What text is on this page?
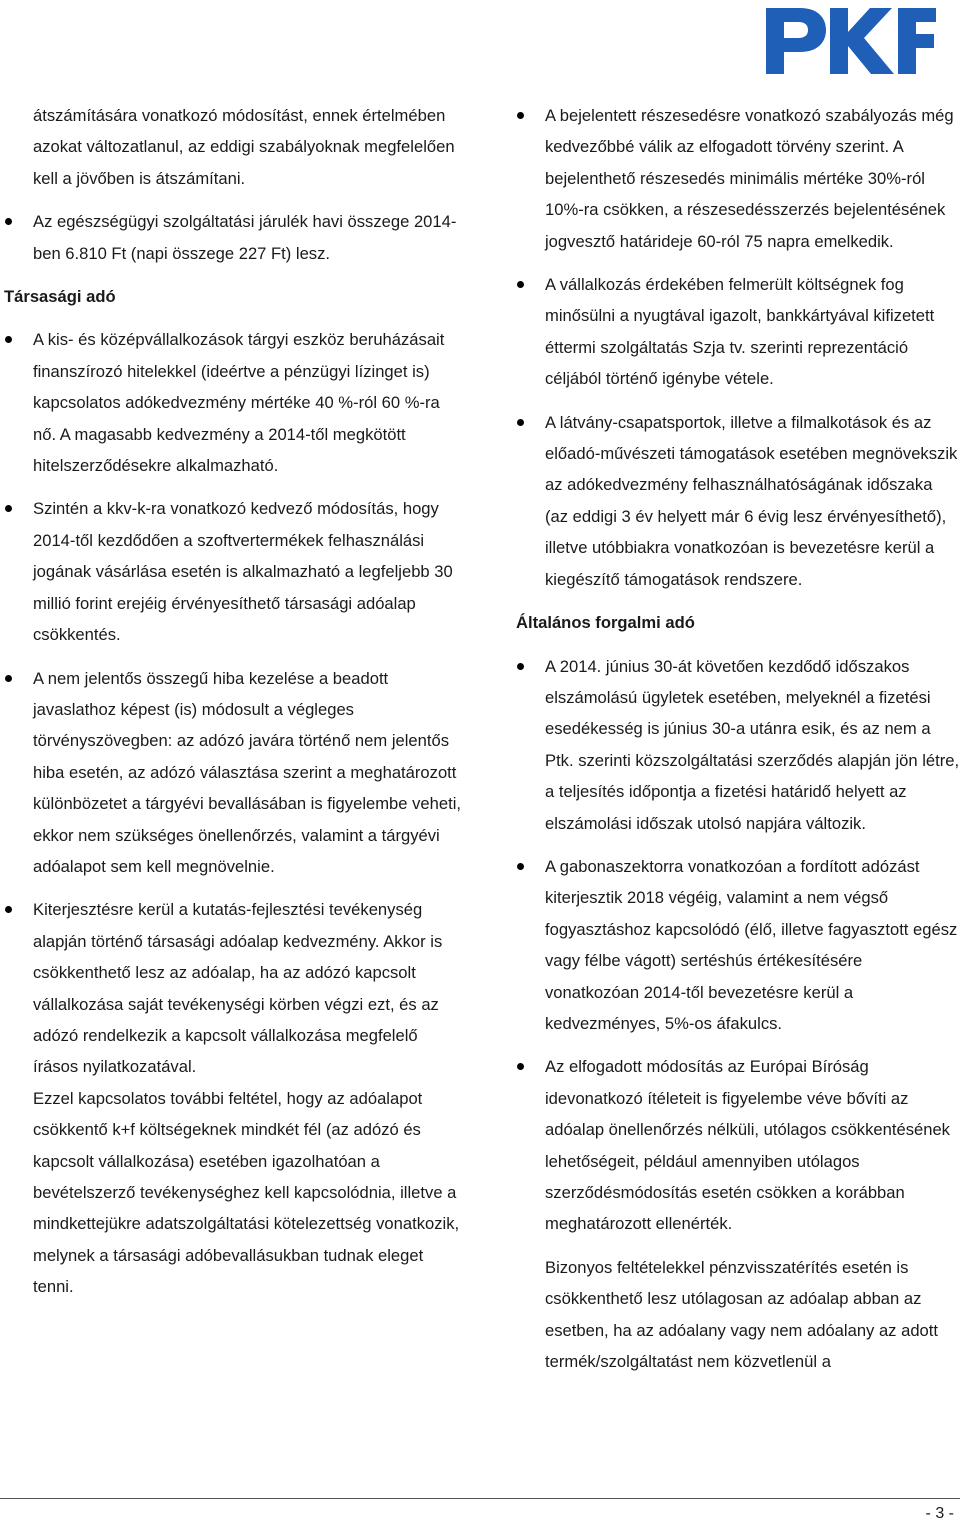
átszámítására vonatkozó módosítást, ennek értelmében azokat változatlanul, az eddigi szabályoknak megfelelően kell a jövőben is átszámítani.
Az egészségügyi szolgáltatási járulék havi összege 2014-ben 6.810 Ft (napi összege 227 Ft) lesz.
Társasági adó
A kis- és középvállalkozások tárgyi eszköz beruházásait finanszírozó hitelekkel (ideértve a pénzügyi lízinget is) kapcsolatos adókedvezmény mértéke 40 %-ról 60 %-ra nő. A magasabb kedvezmény a 2014-től megkötött hitelszerződésekre alkalmazható.
Szintén a kkv-k-ra vonatkozó kedvező módosítás, hogy 2014-től kezdődően a szoftvertermékek felhasználási jogának vásárlása esetén is alkalmazható a legfeljebb 30 millió forint erejéig érvényesíthető társasági adóalap csökkentés.
A nem jelentős összegű hiba kezelése a beadott javaslathoz képest (is) módosult a végleges törvényszövegben: az adózó javára történő nem jelentős hiba esetén, az adózó választása szerint a meghatározott különbözetet a tárgyévi bevallásában is figyelembe veheti, ekkor nem szükséges önellenőrzés, valamint a tárgyévi adóalapot sem kell megnövelnie.
Kiterjesztésre kerül a kutatás-fejlesztési tevékenység alapján történő társasági adóalap kedvezmény. Akkor is csökkenthető lesz az adóalap, ha az adózó kapcsolt vállalkozása saját tevékenységi körben végzi ezt, és az adózó rendelkezik a kapcsolt vállalkozása megfelelő írásos nyilatkozatával.
Ezzel kapcsolatos további feltétel, hogy az adóalapot csökkentő k+f költségeknek mindkét fél (az adózó és kapcsolt vállalkozása) esetében igazolhatóan a bevételszerző tevékenységhez kell kapcsolódnia, illetve a mindkettejükre adatszolgáltatási kötelezettség vonatkozik, melynek a társasági adóbevallásukban tudnak eleget tenni.
A bejelentett részesedésre vonatkozó szabályozás még kedvezőbbé válik az elfogadott törvény szerint. A bejelenthető részesedés minimális mértéke 30%-ról 10%-ra csökken, a részesedésszerzés bejelentésének jogvesztő határideje 60-ról 75 napra emelkedik.
A vállalkozás érdekében felmerült költségnek fog minősülni a nyugtával igazolt, bankkártyával kifizetett éttermi szolgáltatás Szja tv. szerinti reprezentáció céljából történő igénybe vétele.
A látvány-csapatsportok, illetve a filmalkotások és az előadó-művészeti támogatások esetében megnövekszik az adókedvezmény felhasználhatóságának időszaka (az eddigi 3 év helyett már 6 évig lesz érvényesíthető), illetve utóbbiakra vonatkozóan is bevezetésre kerül a kiegészítő támogatások rendszere.
Általános forgalmi adó
A 2014. június 30-át követően kezdődő időszakos elszámolású ügyletek esetében, melyeknél a fizetési esedékesség is június 30-a utánra esik, és az nem a Ptk. szerinti közszolgáltatási szerződés alapján jön létre, a teljesítés időpontja a fizetési határidő helyett az elszámolási időszak utolsó napjára változik.
A gabonaszektorra vonatkozóan a fordított adózást kiterjesztik 2018 végéig, valamint a nem végső fogyasztáshoz kapcsolódó (élő, illetve fagyasztott egész vagy félbe vágott) sertéshús értékesítésére vonatkozóan 2014-től bevezetésre kerül a kedvezményes, 5%-os áfakulcs.
Az elfogadott módosítás az Európai Bíróság idevonatkozó ítéleteit is figyelembe véve bővíti az adóalap önellenőrzés nélküli, utólagos csökkentésének lehetőségeit, például amennyiben utólagos szerződésmódosítás esetén csökken a korábban meghatározott ellenérték.
Bizonyos feltételekkel pénzvisszatérítés esetén is csökkenthető lesz utólagosan az adóalap abban az esetben, ha az adóalany vagy nem adóalany az adott termék/szolgáltatást nem közvetlenül a
- 3 -
